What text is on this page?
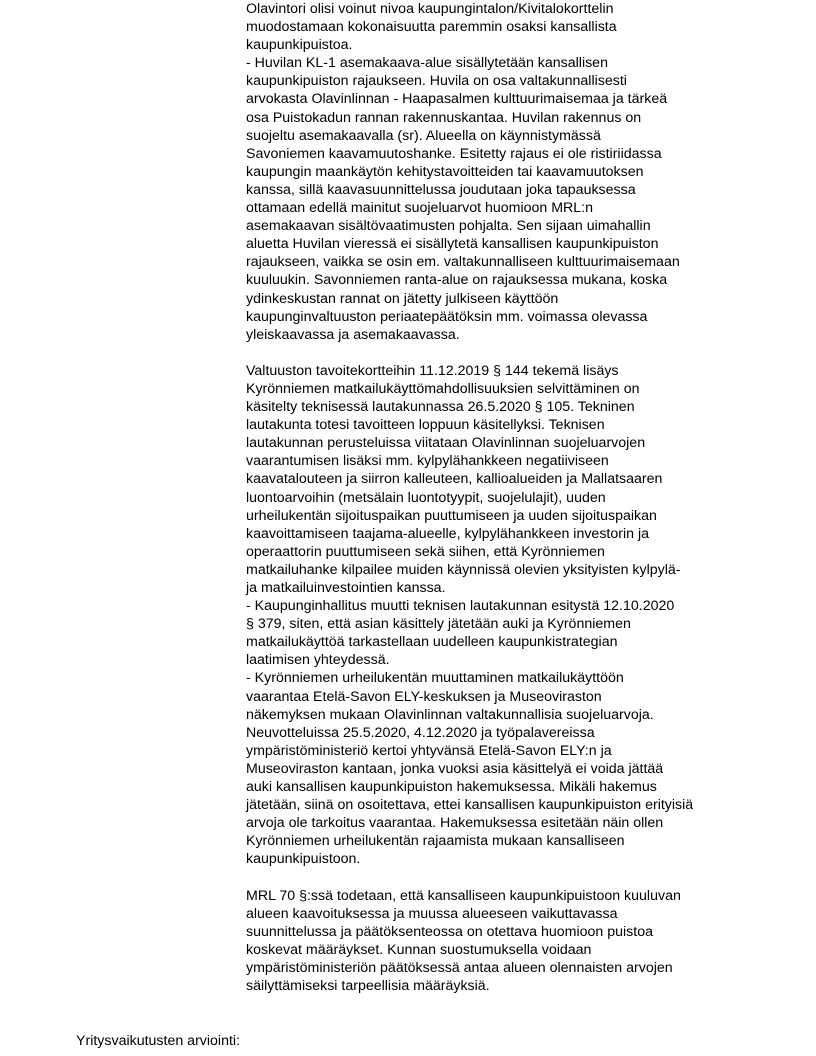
Olavintori olisi voinut nivoa kaupungintalon/Kivitalokorttelin
muodostamaan kokonaisuutta paremmin osaksi kansallista
kaupunkipuistoa.
- Huvilan KL-1 asemakaava-alue sisällytetään kansallisen
kaupunkipuiston rajaukseen. Huvila on osa valtakunnallisesti
arvokasta Olavinlinnan - Haapasalmen kulttuurimaisemaa ja tärkeä
osa Puistokadun rannan rakennuskantaa. Huvilan rakennus on
suojeltu asemakaavalla (sr). Alueella on käynnistymässä
Savoniemen kaavamuutoshanke. Esitetty rajaus ei ole ristiriidassa
kaupungin maankäytön kehitystavoitteiden tai kaavamuutoksen
kanssa, sillä kaavasuunnittelussa joudutaan joka tapauksessa
ottamaan edellä mainitut suojeluarvot huomioon MRL:n
asemakaavan sisältövaatimusten pohjalta. Sen sijaan uimahallin
aluetta Huvilan vieressä ei sisällytetä kansallisen kaupunkipuiston
rajaukseen, vaikka se osin em. valtakunnalliseen kulttuurimaisemaan
kuuluukin. Savonniemen ranta-alue on rajauksessa mukana, koska
ydinkeskustan rannat on jätetty julkiseen käyttöön
kaupunginvaltuuston periaatepäätöksin mm. voimassa olevassa
yleiskaavassa ja asemakaavassa.
Valtuuston tavoitekortteihin 11.12.2019 § 144 tekemä lisäys
Kyrönniemen matkailukäyttömahdollisuuksien selvittäminen on
käsitelty teknisessä lautakunnassa 26.5.2020 § 105. Tekninen
lautakunta totesi tavoitteen loppuun käsitellyksi. Teknisen
lautakunnan perusteluissa viitataan Olavinlinnan suojeluarvojen
vaarantumisen lisäksi mm. kylpylähankkeen negatiiviseen
kaavatalouteen ja siirron kalleuteen, kallioalueiden ja Mallatsaaren
luontoarvoihin (metsälain luontotyypit, suojelulajit), uuden
urheilukentän sijoituspaikan puuttumiseen ja uuden sijoituspaikan
kaavoittamiseen taajama-alueelle, kylpylähankkeen investorin ja
operaattorin puuttumiseen sekä siihen, että Kyrönniemen
matkailuhanke kilpailee muiden käynnissä olevien yksityisten kylpylä-
ja matkailuinvestointien kanssa.
- Kaupunginhallitus muutti teknisen lautakunnan esitystä 12.10.2020
§ 379, siten, että asian käsittely jätetään auki ja Kyrönniemen
matkailukäyttöä tarkastellaan uudelleen kaupunkistrategian
laatimisen yhteydessä.
- Kyrönniemen urheilukentän muuttaminen matkailukäyttöön
vaarantaa Etelä-Savon ELY-keskuksen ja Museoviraston
näkemyksen mukaan Olavinlinnan valtakunnallisia suojeluarvoja.
Neuvotteluissa 25.5.2020, 4.12.2020 ja työpalavereissa
ympäristöministeriö kertoi yhtyvänsä Etelä-Savon ELY:n ja
Museoviraston kantaan, jonka vuoksi asia käsittelyä ei voida jättää
auki kansallisen kaupunkipuiston hakemuksessa. Mikäli hakemus
jätetään, siinä on osoitettava, ettei kansallisen kaupunkipuiston erityisiä
arvoja ole tarkoitus vaarantaa. Hakemuksessa esitetään näin ollen
Kyrönniemen urheilukentän rajaamista mukaan kansalliseen
kaupunkipuistoon.
MRL 70 §:ssä todetaan, että kansalliseen kaupunkipuistoon kuuluvan
alueen kaavoituksessa ja muussa alueeseen vaikuttavassa
suunnittelussa ja päätöksenteossa on otettava huomioon puistoa
koskevat määräykset. Kunnan suostumuksella voidaan
ympäristöministeriön päätöksessä antaa alueen olennaisten arvojen
säilyttämiseksi tarpeellisia määräyksiä.
Yritysvaikutusten arviointi:
